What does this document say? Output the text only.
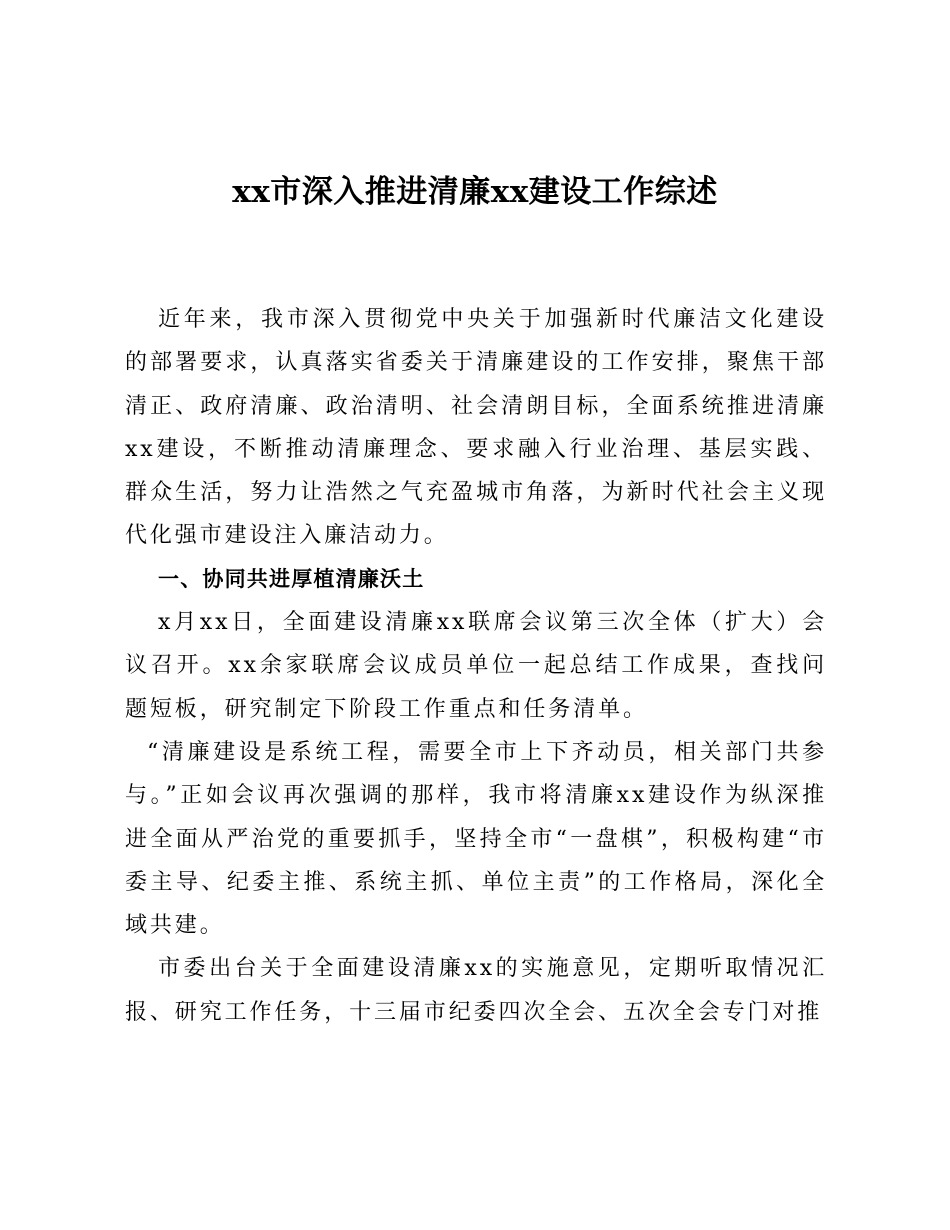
xx市深入推进清廉xx建设工作综述

近年来，我市深入贯彻党中央关于加强新时代廉洁文化建设的部署要求，认真落实省委关于清廉建设的工作安排，聚焦干部清正、政府清廉、政治清明、社会清朗目标，全面系统推进清廉xx建设，不断推动清廉理念、要求融入行业治理、基层实践、群众生活，努力让浩然之气充盈城市角落，为新时代社会主义现代化强市建设注入廉洁动力。

一、协同共进厚植清廉沃土

x月xx日，全面建设清廉xx联席会议第三次全体（扩大）会议召开。xx余家联席会议成员单位一起总结工作成果，查找问题短板，研究制定下阶段工作重点和任务清单。

“清廉建设是系统工程，需要全市上下齐动员，相关部门共参与。”正如会议再次强调的那样，我市将清廉xx建设作为纵深推进全面从严治党的重要抓手，坚持全市“一盘棋”，积极构建“市委主导、纪委主推、系统主抓、单位主责”的工作格局，深化全域共建。

市委出台关于全面建设清廉xx的实施意见，定期听取情况汇报、研究工作任务，十三届市纪委四次全会、五次全会专门对推
